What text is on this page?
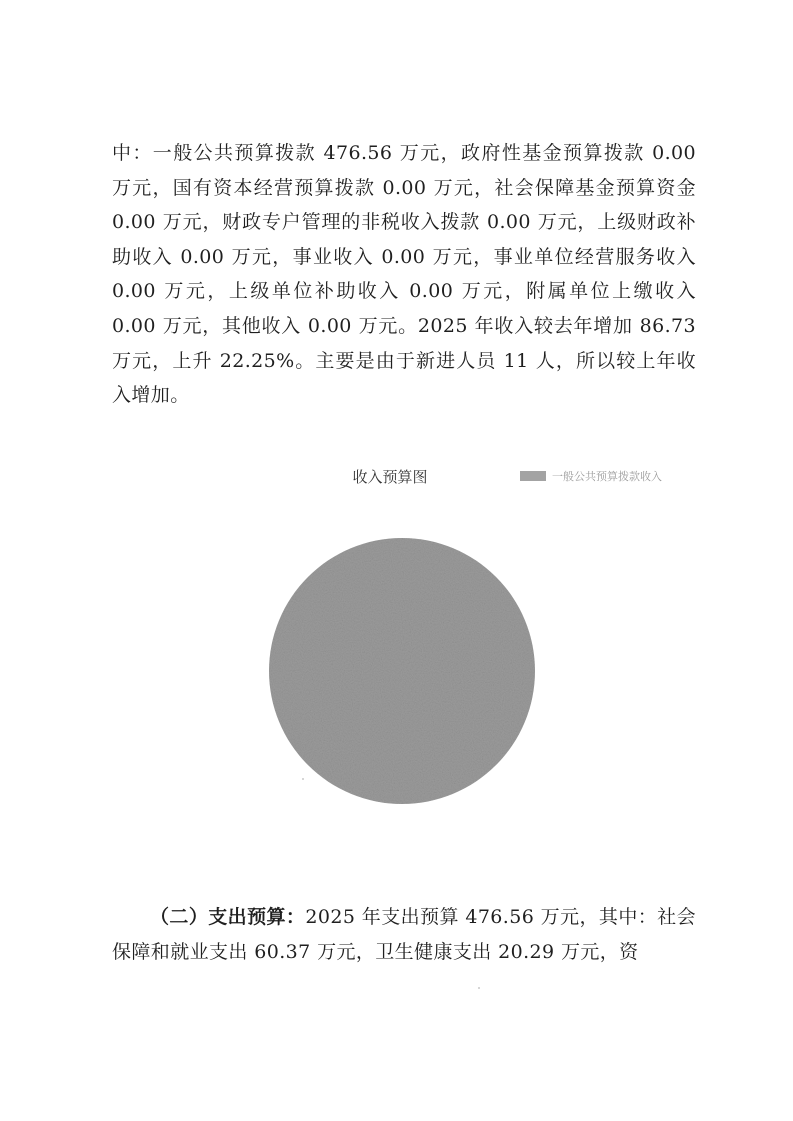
中：一般公共预算拨款 476.56 万元，政府性基金预算拨款 0.00 万元，国有资本经营预算拨款 0.00 万元，社会保障基金预算资金 0.00 万元，财政专户管理的非税收入拨款 0.00 万元，上级财政补助收入 0.00 万元，事业收入 0.00 万元，事业单位经营服务收入 0.00 万元，上级单位补助收入 0.00 万元，附属单位上缴收入 0.00 万元，其他收入 0.00 万元。2025 年收入较去年增加 86.73 万元，上升 22.25%。主要是由于新进人员 11 人，所以较上年收入增加。

收入预算图	一般公共预算拨款收入

（二）支出预算：2025 年支出预算 476.56 万元，其中：社会保障和就业支出 60.37 万元，卫生健康支出 20.29 万元，资
